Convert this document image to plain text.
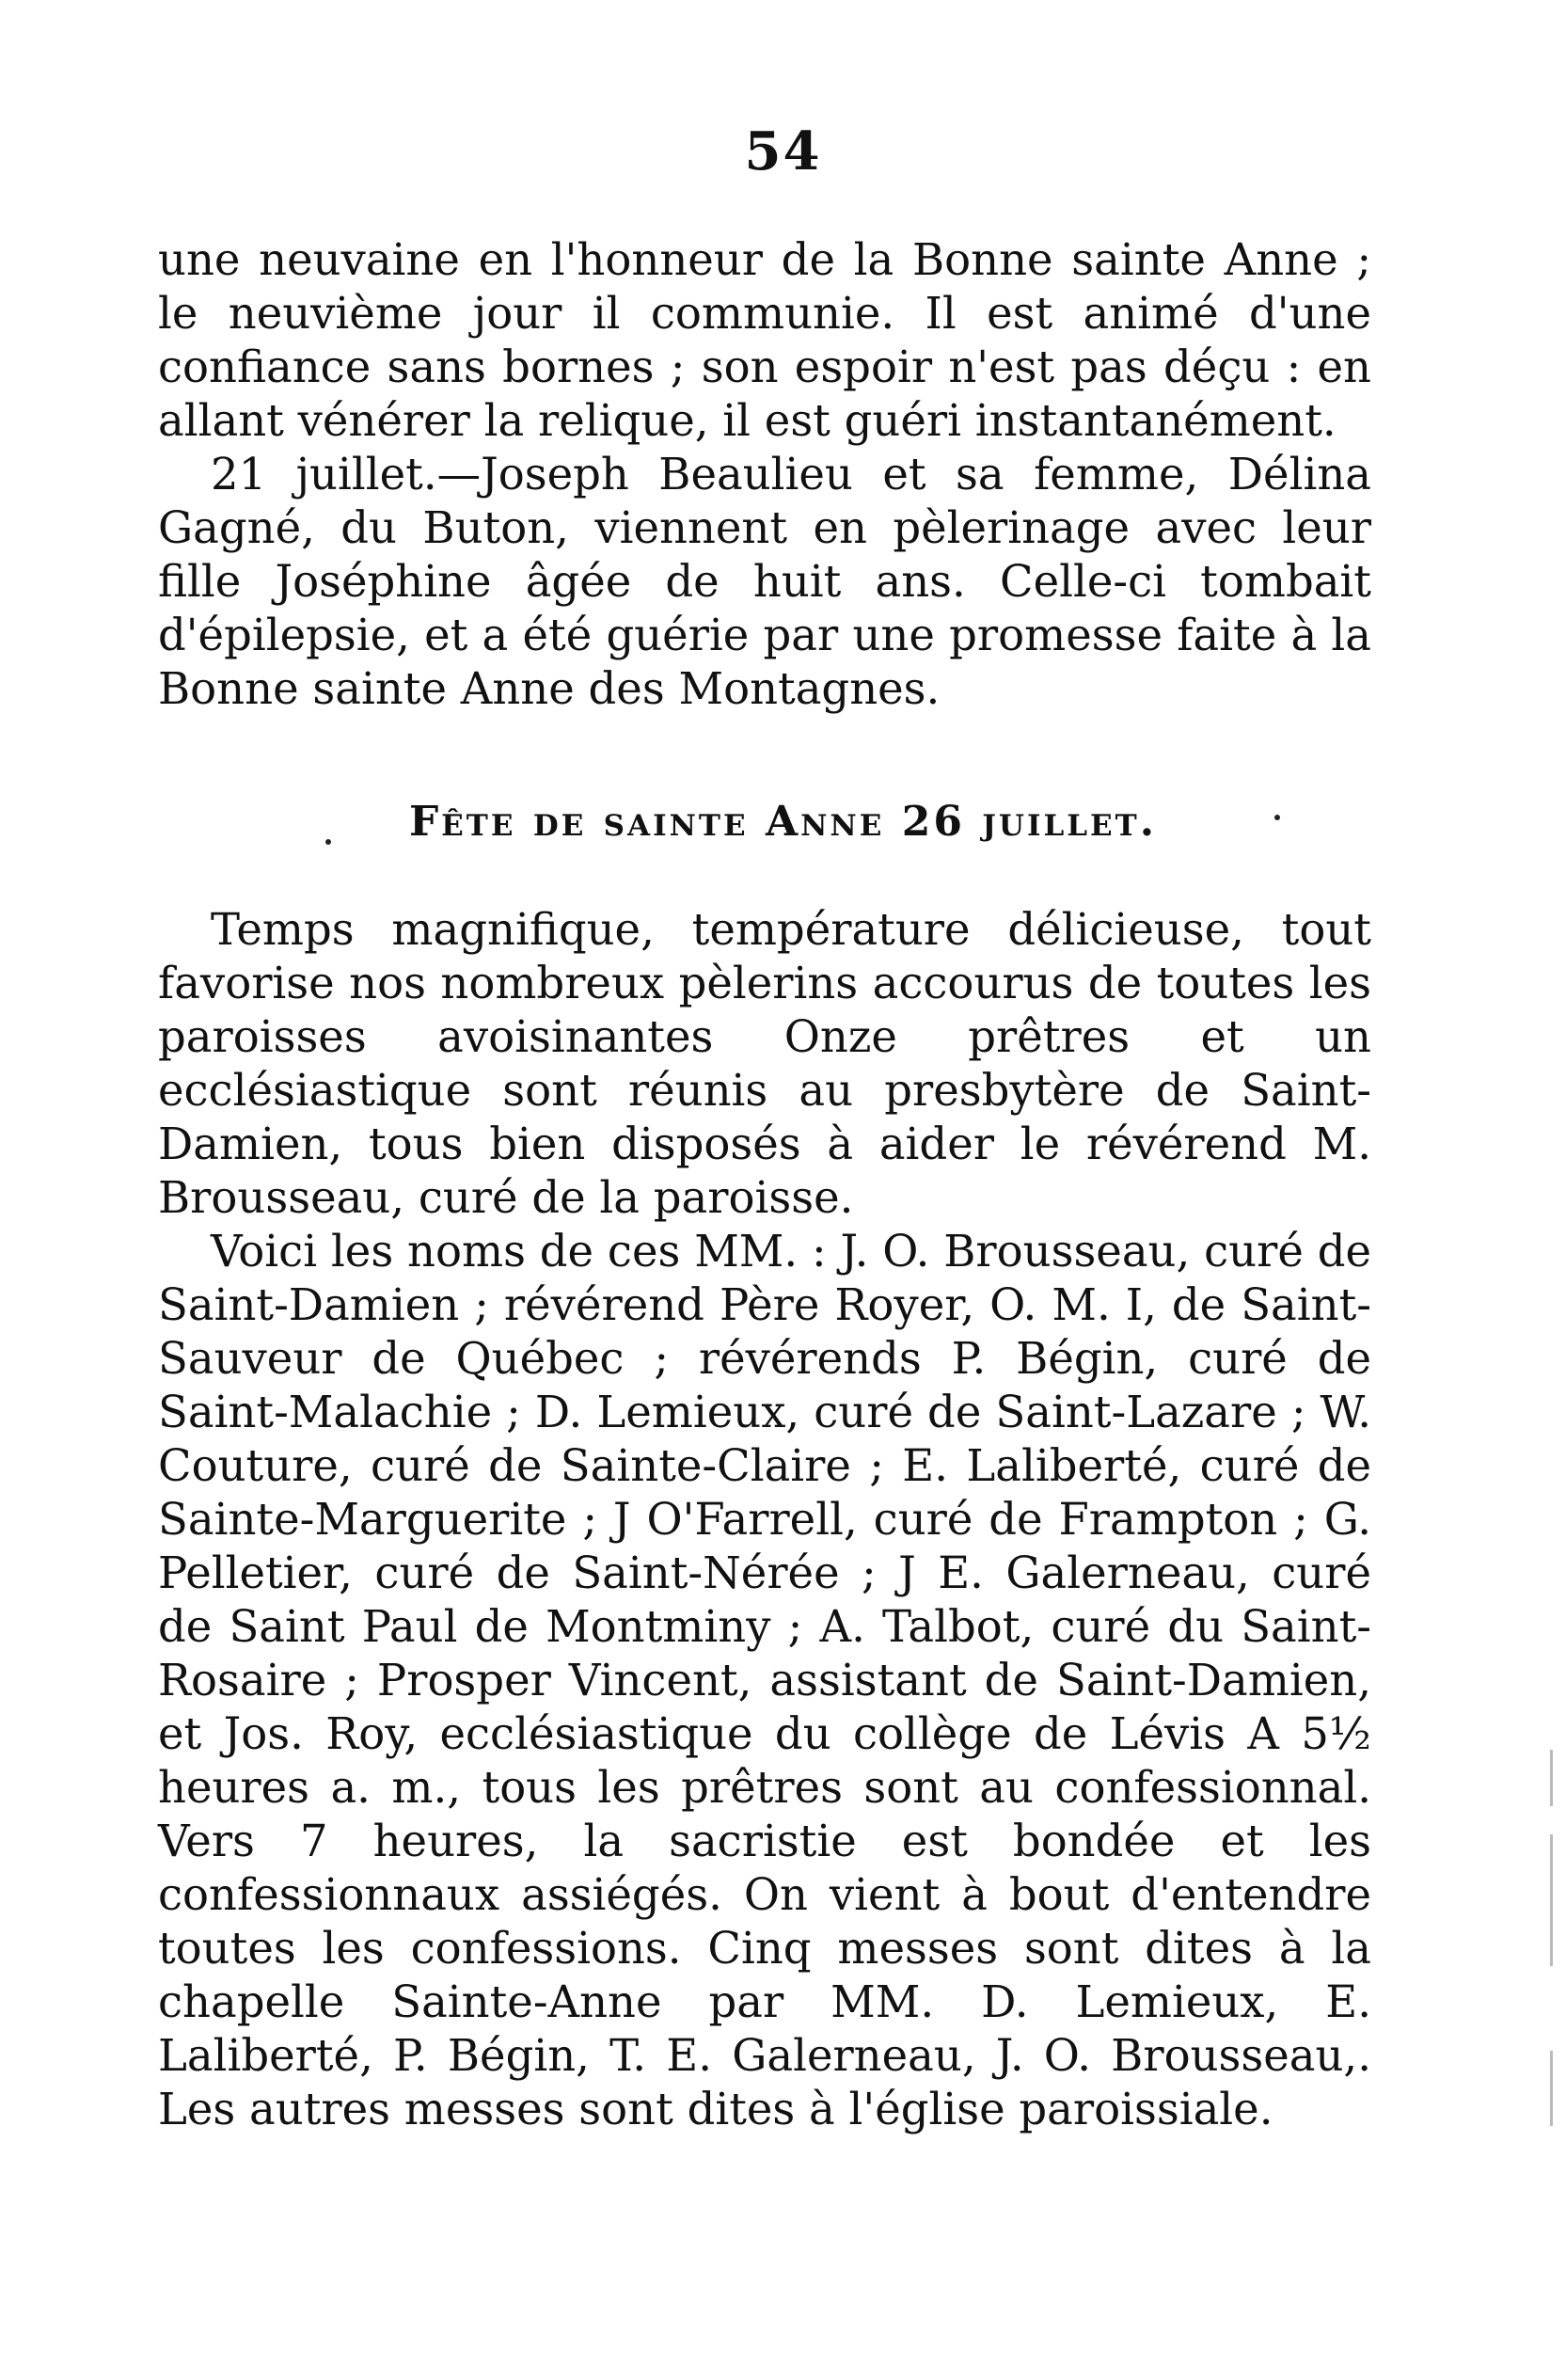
54

une neuvaine en l'honneur de la Bonne sainte Anne ; le neuvième jour il communie. Il est animé d'une confiance sans bornes ; son espoir n'est pas déçu : en allant vénérer la relique, il est guéri instantanément.

21 juillet.—Joseph Beaulieu et sa femme, Délina Gagné, du Buton, viennent en pèlerinage avec leur fille Joséphine âgée de huit ans. Celle-ci tombait d'épilepsie, et a été guérie par une promesse faite à la Bonne sainte Anne des Montagnes.

Fête de sainte Anne 26 juillet.

Temps magnifique, température délicieuse, tout favorise nos nombreux pèlerins accourus de toutes les paroisses avoisinantes Onze prêtres et un ecclésiastique sont réunis au presbytère de Saint-Damien, tous bien disposés à aider le révérend M. Brousseau, curé de la paroisse.

Voici les noms de ces MM. : J. O. Brousseau, curé de Saint-Damien ; révérend Père Royer, O. M. I, de Saint-Sauveur de Québec ; révérends P. Bégin, curé de Saint-Malachie ; D. Lemieux, curé de Saint-Lazare ; W. Couture, curé de Sainte-Claire ; E. Laliberté, curé de Sainte-Marguerite ; J O'Farrell, curé de Frampton ; G. Pelletier, curé de Saint-Nérée ; J E. Galerneau, curé de Saint Paul de Montminy ; A. Talbot, curé du Saint-Rosaire ; Prosper Vincent, assistant de Saint-Damien, et Jos. Roy, ecclésiastique du collège de Lévis A 5½ heures a. m., tous les prêtres sont au confessionnal. Vers 7 heures, la sacristie est bondée et les confessionnaux assiégés. On vient à bout d'entendre toutes les confessions. Cinq messes sont dites à la chapelle Sainte-Anne par MM. D. Lemieux, E. Laliberté, P. Bégin, T. E. Galerneau, J. O. Brousseau,. Les autres messes sont dites à l'église paroissiale.
